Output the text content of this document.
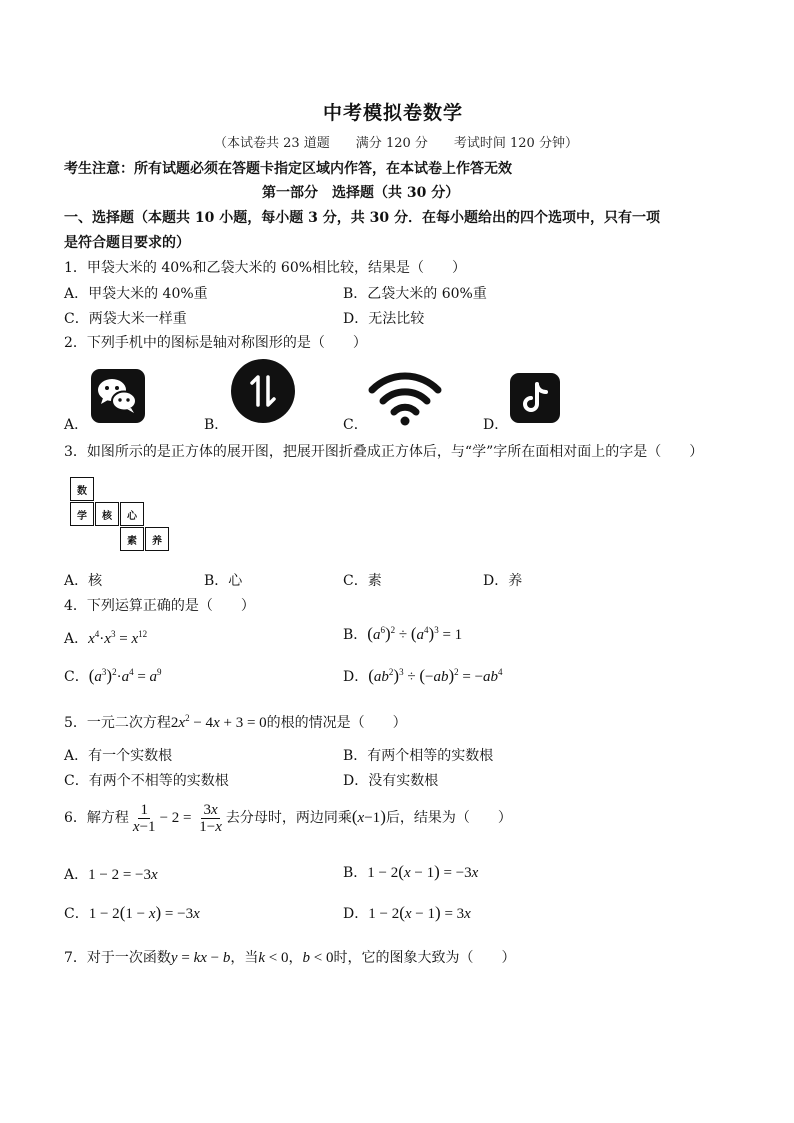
中考模拟卷数学
（本试卷共 23 道题　　满分 120 分　　考试时间 120 分钟）
考生注意：所有试题必须在答题卡指定区域内作答，在本试卷上作答无效
第一部分　选择题（共 30 分）
一、选择题（本题共 10 小题，每小题 3 分，共 30 分．在每小题给出的四个选项中，只有一项
是符合题目要求的）
1．甲袋大米的 40%和乙袋大米的 60%相比较，结果是（　　）
A．甲袋大米的 40%重	B．乙袋大米的 60%重
C．两袋大米一样重	D．无法比较
2．下列手机中的图标是轴对称图形的是（　　）
A．	B．	C．	D．
3．如图所示的是正方体的展开图，把展开图折叠成正方体后，与“学”字所在面相对面上的字是（　　）
数
学	核	心
素	养
A．核	B．心	C．素	D．养
4．下列运算正确的是（　　）
A．$x^4\cdot x^3 = x^{12}$	B．$(a^6)^2 \div (a^4)^3 = 1$
C．$(a^3)^2\cdot a^4 = a^9$	D．$(ab^2)^3 \div (-ab)^2 = -ab^4$
5．一元二次方程$2x^2 - 4x + 3 = 0$的根的情况是（　　）
A．有一个实数根	B．有两个相等的实数根
C．有两个不相等的实数根	D．没有实数根
6．解方程 $\frac{1}{x-1} - 2 = \frac{3x}{1-x}$ 去分母时，两边同乘(x−1)后，结果为（　　）
A．1 − 2 = −3x	B．1 − 2(x − 1) = −3x
C．1 − 2(1 − x) = −3x	D．1 − 2(x − 1) = 3x
7．对于一次函数y = kx − b，当k < 0，b < 0时，它的图象大致为（　　）
